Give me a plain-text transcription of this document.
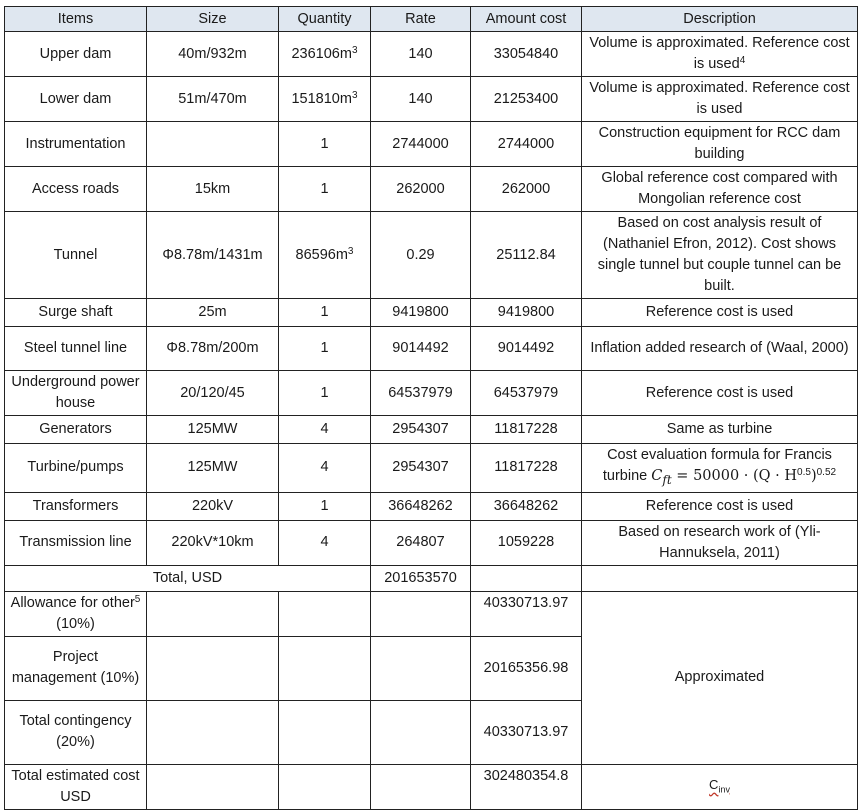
Items	Size	Quantity	Rate	Amount cost	Description
Upper dam	40m/932m	$236106m^3$	140	33054840	Volume is approximated. Reference cost is used$^4$
Lower dam	51m/470m	$151810m^3$	140	21253400	Volume is approximated. Reference cost is used
Instrumentation		1	2744000	2744000	Construction equipment for RCC dam building
Access roads	15km	1	262000	262000	Global reference cost compared with Mongolian reference cost
Tunnel	Φ8.78m/1431m	$86596m^3$	0.29	25112.84	Based on cost analysis result of (Nathaniel Efron, 2012). Cost shows single tunnel but couple tunnel can be built.
Surge shaft	25m	1	9419800	9419800	Reference cost is used
Steel tunnel line	Φ8.78m/200m	1	9014492	9014492	Inflation added research of (Waal, 2000)
Underground power house	20/120/45	1	64537979	64537979	Reference cost is used
Generators	125MW	4	2954307	11817228	Same as turbine
Turbine/pumps	125MW	4	2954307	11817228	Cost evaluation formula for Francis turbine $C_{ft} = 50000 \cdot (Q \cdot H^{0.5})^{0.52}$
Transformers	220kV	1	36648262	36648262	Reference cost is used
Transmission line	220kV*10km	4	264807	1059228	Based on research work of (Yli-Hannuksela, 2011)
Total, USD			201653570		
Allowance for other$^5$ (10%)				40330713.97	Approximated
Project management (10%)				20165356.98	
Total contingency (20%)				40330713.97	
Total estimated cost USD				302480354.8	$C_{inv}$
